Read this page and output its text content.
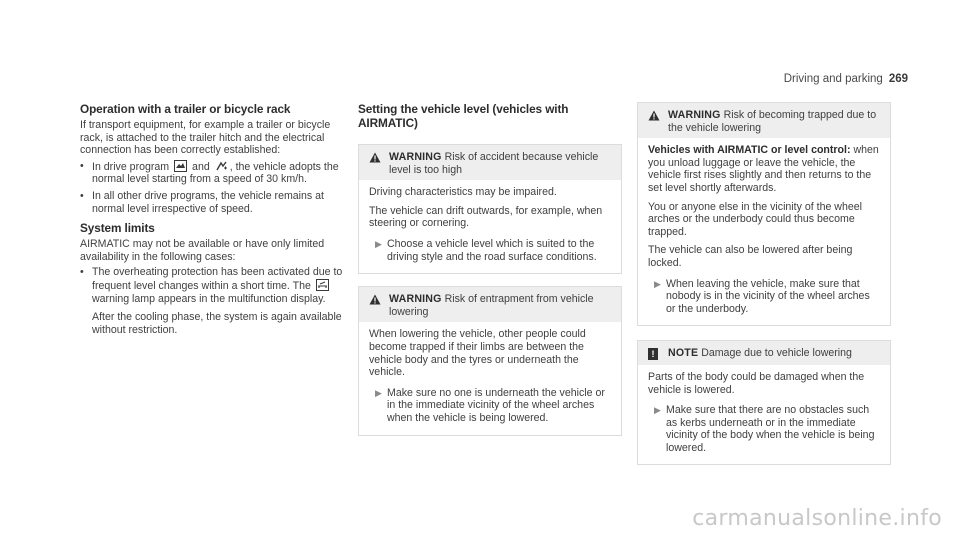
Driving and parking 269
Operation with a trailer or bicycle rack

If transport equipment, for example a trailer or bicycle rack, is attached to the trailer hitch and the electrical connection has been correctly established:

• In drive program and , the vehicle adopts the normal level starting from a speed of 30 km/h.
• In all other drive programs, the vehicle remains at normal level irrespective of speed.
System limits

AIRMATIC may not be available or have only limited availability in the following cases:

• The overheating protection has been activated due to frequent level changes within a short time. The  warning lamp appears in the multifunction display.

After the cooling phase, the system is again available without restriction.

Setting the vehicle level (vehicles with AIRMATIC)
WARNING Risk of accident because vehicle level is too high

Driving characteristics may be impaired.

The vehicle can drift outwards, for example, when steering or cornering.

▶ Choose a vehicle level which is suited to the driving style and the road surface conditions.
WARNING Risk of entrapment from vehicle lowering

When lowering the vehicle, other people could become trapped if their limbs are between the vehicle body and the tyres or underneath the vehicle.

▶ Make sure no one is underneath the vehicle or in the immediate vicinity of the wheel arches when the vehicle is being lowered.
WARNING Risk of becoming trapped due to the vehicle lowering

Vehicles with AIRMATIC or level control: when you unload luggage or leave the vehicle, the vehicle first rises slightly and then returns to the set level shortly afterwards.

You or anyone else in the vicinity of the wheel arches or the underbody could thus become trapped.

The vehicle can also be lowered after being locked.

▶ When leaving the vehicle, make sure that nobody is in the vicinity of the wheel arches or the underbody.
!	NOTE Damage due to vehicle lowering

Parts of the body could be damaged when the vehicle is lowered.

▶ Make sure that there are no obstacles such as kerbs underneath or in the immediate vicinity of the body when the vehicle is being lowered.
carmanualsonline.info
